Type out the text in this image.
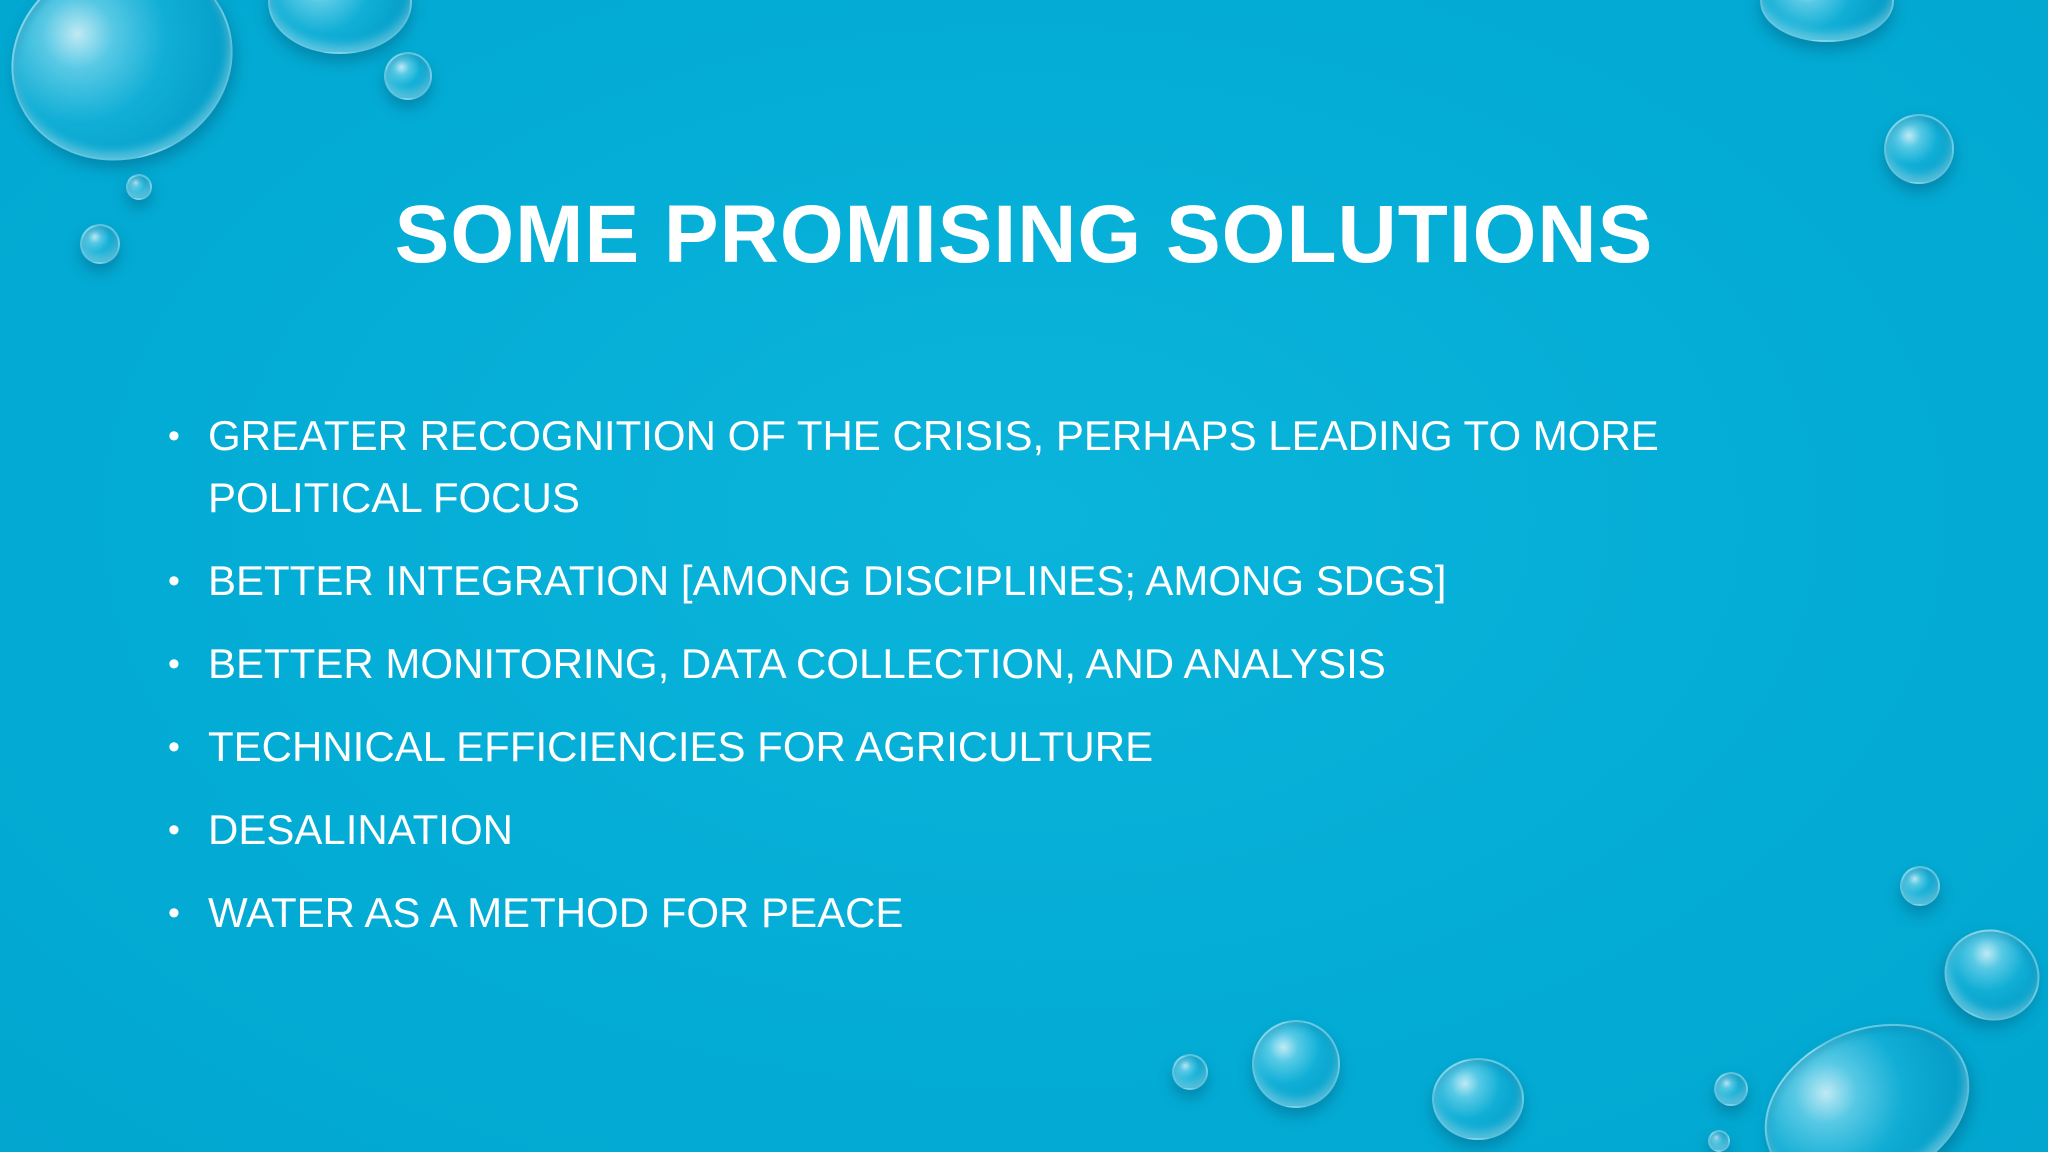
SOME PROMISING SOLUTIONS
• GREATER RECOGNITION OF THE CRISIS, PERHAPS LEADING TO MORE POLITICAL FOCUS
• BETTER INTEGRATION [AMONG DISCIPLINES; AMONG SDGS]
• BETTER MONITORING, DATA COLLECTION, AND ANALYSIS
• TECHNICAL EFFICIENCIES FOR AGRICULTURE
• DESALINATION
• WATER AS A METHOD FOR PEACE
